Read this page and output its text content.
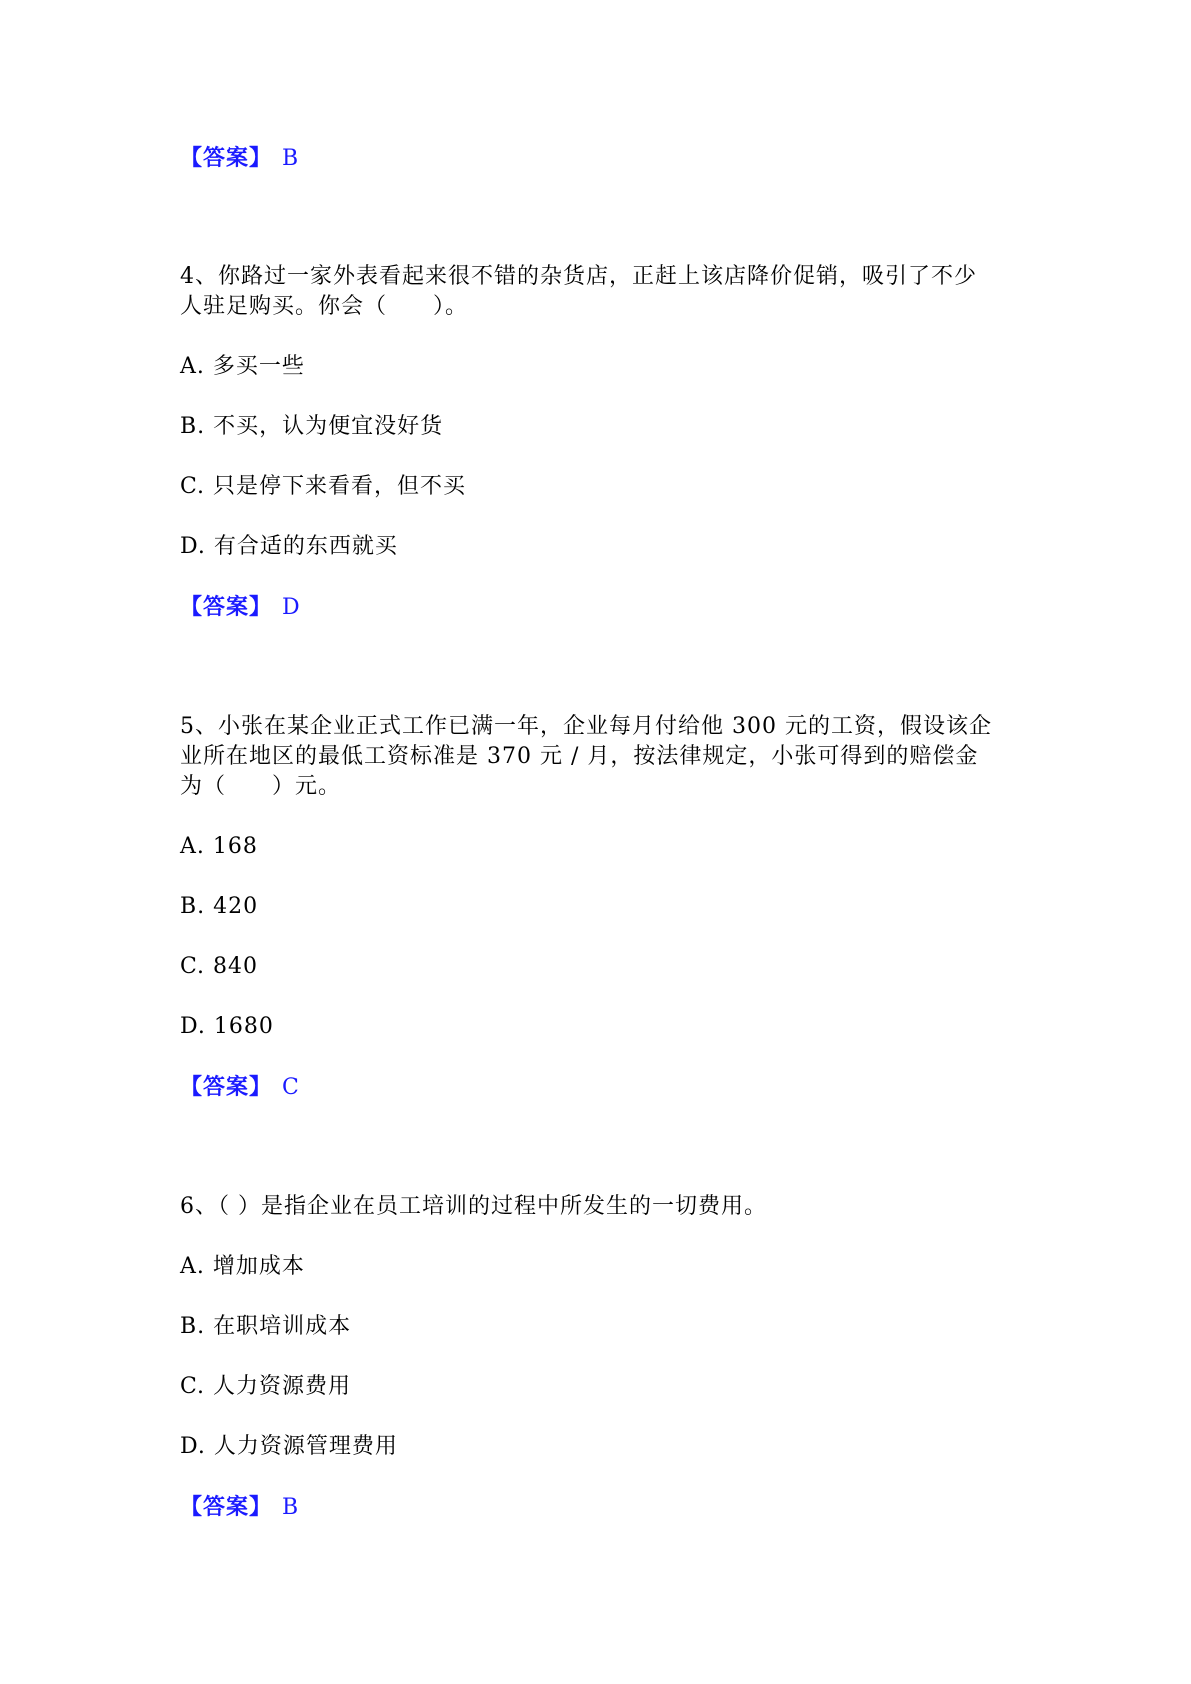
【答案】 B
4、你路过一家外表看起来很不错的杂货店，正赶上该店降价促销，吸引了不少
人驻足购买。你会（　　）。
A. 多买一些
B. 不买，认为便宜没好货
C. 只是停下来看看，但不买
D. 有合适的东西就买
【答案】 D
5、小张在某企业正式工作已满一年，企业每月付给他 300 元的工资，假设该企
业所在地区的最低工资标准是 370 元 / 月，按法律规定，小张可得到的赔偿金
为（　　）元。
A. 168
B. 420
C. 840
D. 1680
【答案】 C
6、（ ）是指企业在员工培训的过程中所发生的一切费用。
A. 增加成本
B. 在职培训成本
C. 人力资源费用
D. 人力资源管理费用
【答案】 B
